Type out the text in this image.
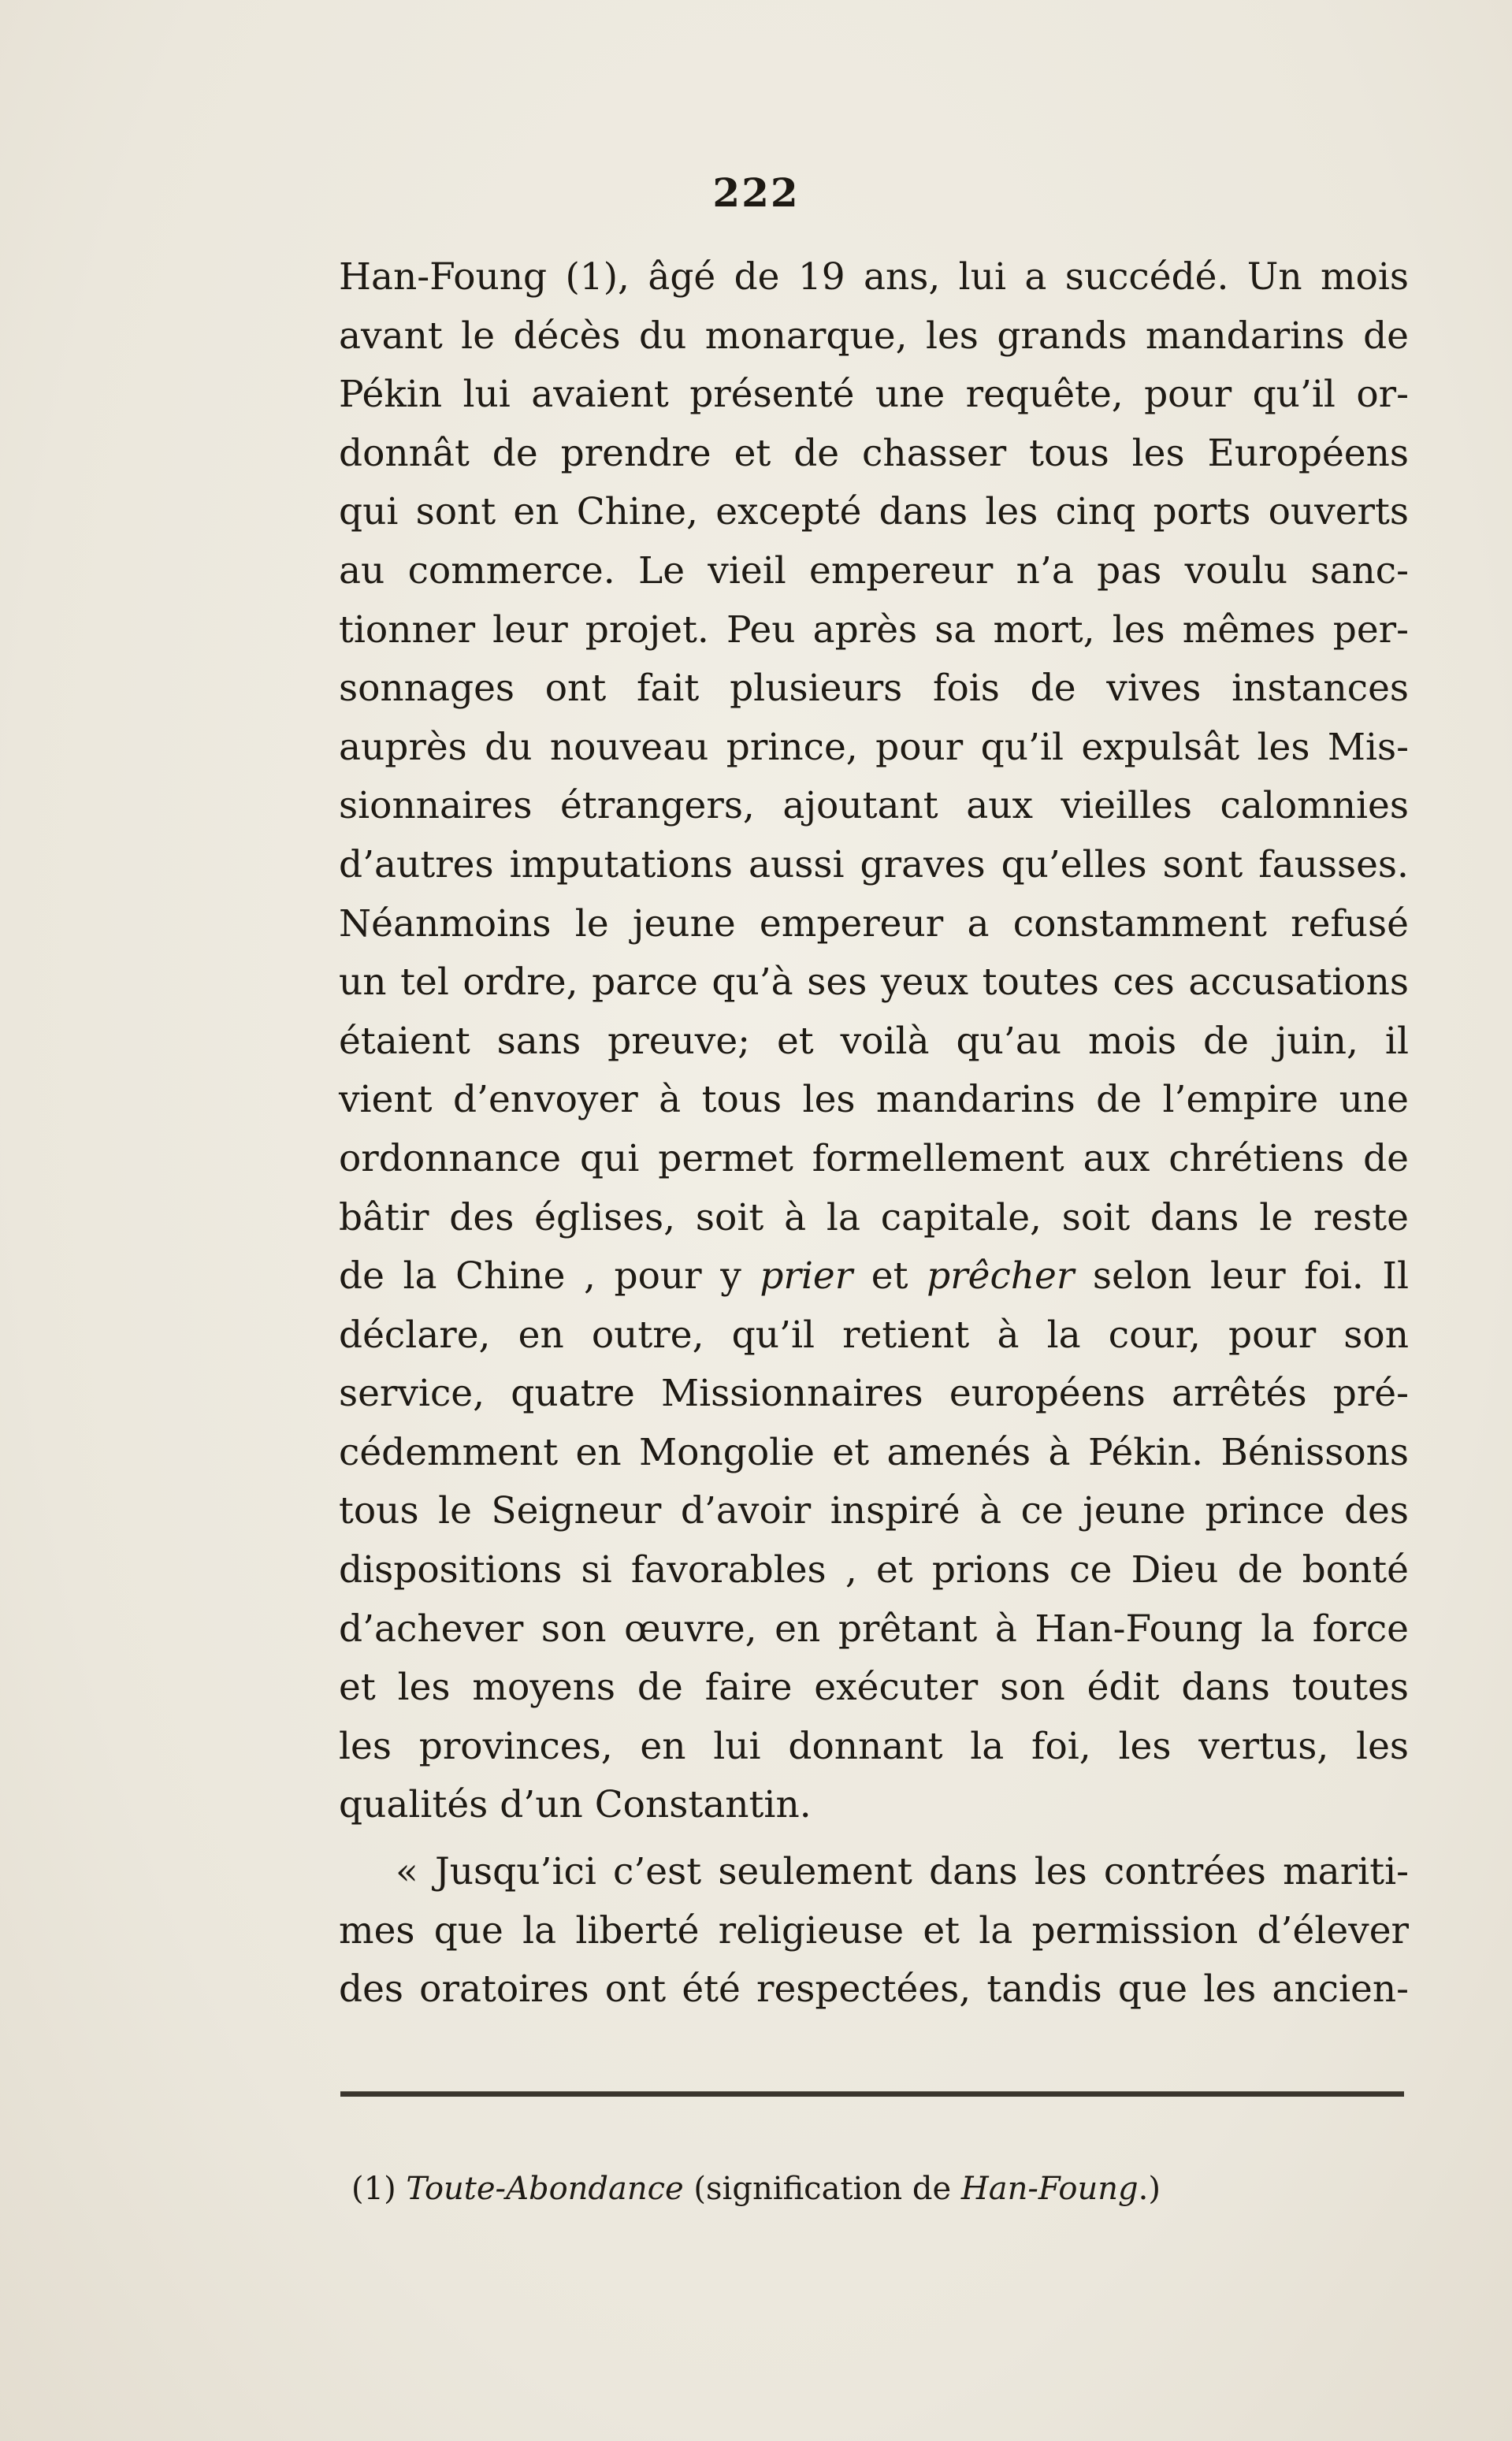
222
Han-Foung (1), âgé de 19 ans, lui a succédé. Un mois
avant le décès du monarque, les grands mandarins de
Pékin lui avaient présenté une requête, pour qu’il or-
donnât de prendre et de chasser tous les Européens
qui sont en Chine, excepté dans les cinq ports ouverts
au commerce. Le vieil empereur n’a pas voulu sanc-
tionner leur projet. Peu après sa mort, les mêmes per-
sonnages ont fait plusieurs fois de vives instances
auprès du nouveau prince, pour qu’il expulsât les Mis-
sionnaires étrangers, ajoutant aux vieilles calomnies
d’autres imputations aussi graves qu’elles sont fausses.
Néanmoins le jeune empereur a constamment refusé
un tel ordre, parce qu’à ses yeux toutes ces accusations
étaient sans preuve; et voilà qu’au mois de juin, il
vient d’envoyer à tous les mandarins de l’empire une
ordonnance qui permet formellement aux chrétiens de
bâtir des églises, soit à la capitale, soit dans le reste
de la Chine , pour y prier et prêcher selon leur foi. Il
déclare, en outre, qu’il retient à la cour, pour son
service, quatre Missionnaires européens arrêtés pré-
cédemment en Mongolie et amenés à Pékin. Bénissons
tous le Seigneur d’avoir inspiré à ce jeune prince des
dispositions si favorables , et prions ce Dieu de bonté
d’achever son œuvre, en prêtant à Han-Foung la force
et les moyens de faire exécuter son édit dans toutes
les provinces, en lui donnant la foi, les vertus, les
qualités d’un Constantin.
« Jusqu’ici c’est seulement dans les contrées mariti-
mes que la liberté religieuse et la permission d’élever
des oratoires ont été respectées, tandis que les ancien-
(1) Toute-Abondance (signification de Han-Foung.)
